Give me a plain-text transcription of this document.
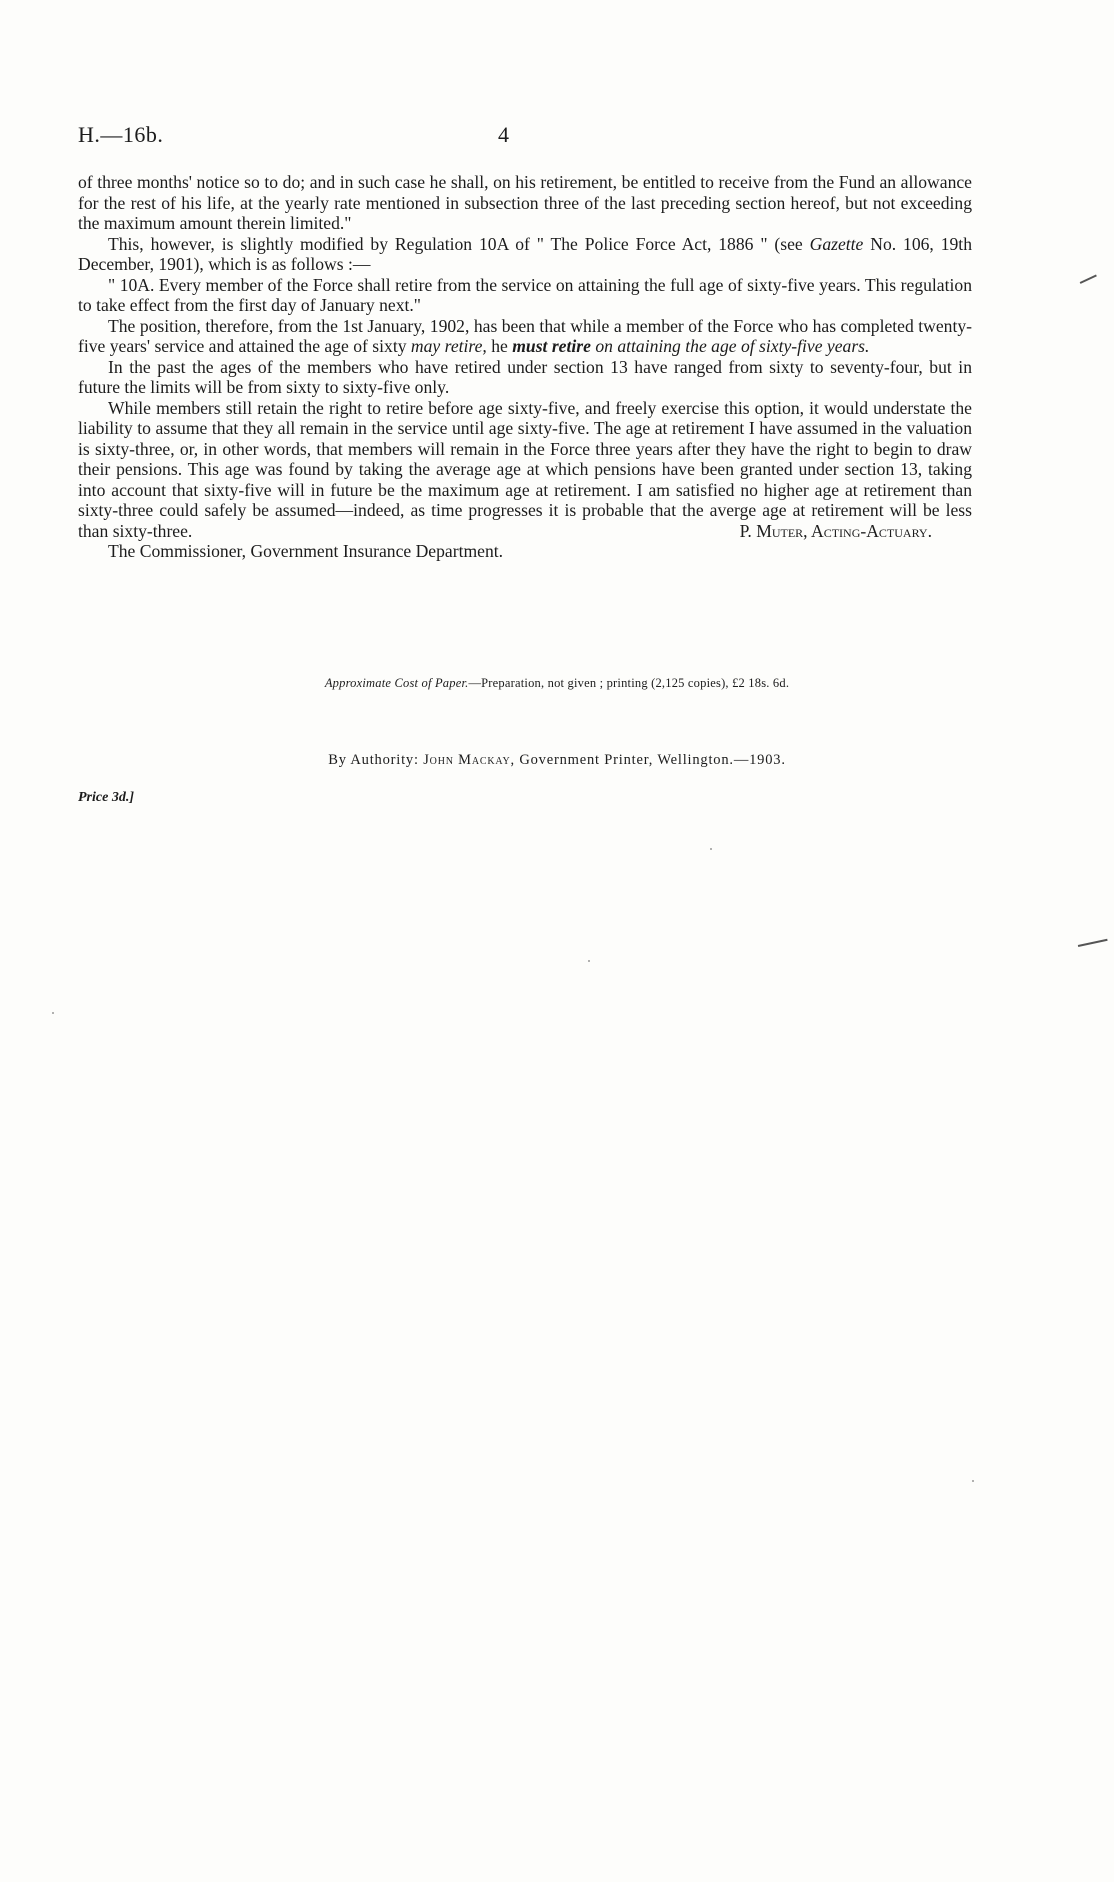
H.—16b.	4

of three months' notice so to do; and in such case he shall, on his retirement, be entitled to receive from the Fund an allowance for the rest of his life, at the yearly rate mentioned in subsection three of the last preceding section hereof, but not exceeding the maximum amount therein limited."

This, however, is slightly modified by Regulation 10A of " The Police Force Act, 1886 " (see Gazette No. 106, 19th December, 1901), which is as follows :—

" 10A. Every member of the Force shall retire from the service on attaining the full age of sixty-five years. This regulation to take effect from the first day of January next."

The position, therefore, from the 1st January, 1902, has been that while a member of the Force who has completed twenty-five years' service and attained the age of sixty may retire, he must retire on attaining the age of sixty-five years.

In the past the ages of the members who have retired under section 13 have ranged from sixty to seventy-four, but in future the limits will be from sixty to sixty-five only.

While members still retain the right to retire before age sixty-five, and freely exercise this option, it would understate the liability to assume that they all remain in the service until age sixty-five. The age at retirement I have assumed in the valuation is sixty-three, or, in other words, that members will remain in the Force three years after they have the right to begin to draw their pensions. This age was found by taking the average age at which pensions have been granted under section 13, taking into account that sixty-five will in future be the maximum age at retirement. I am satisfied no higher age at retirement than sixty-three could safely be assumed—indeed, as time progresses it is probable that the averge age at retirement will be less than sixty-three.	P. Muter, Acting-Actuary.

The Commissioner, Government Insurance Department.

Approximate Cost of Paper.—Preparation, not given ; printing (2,125 copies), £2 18s. 6d.
By Authority: John Mackay, Government Printer, Wellington.—1903.
Price 3d.]
